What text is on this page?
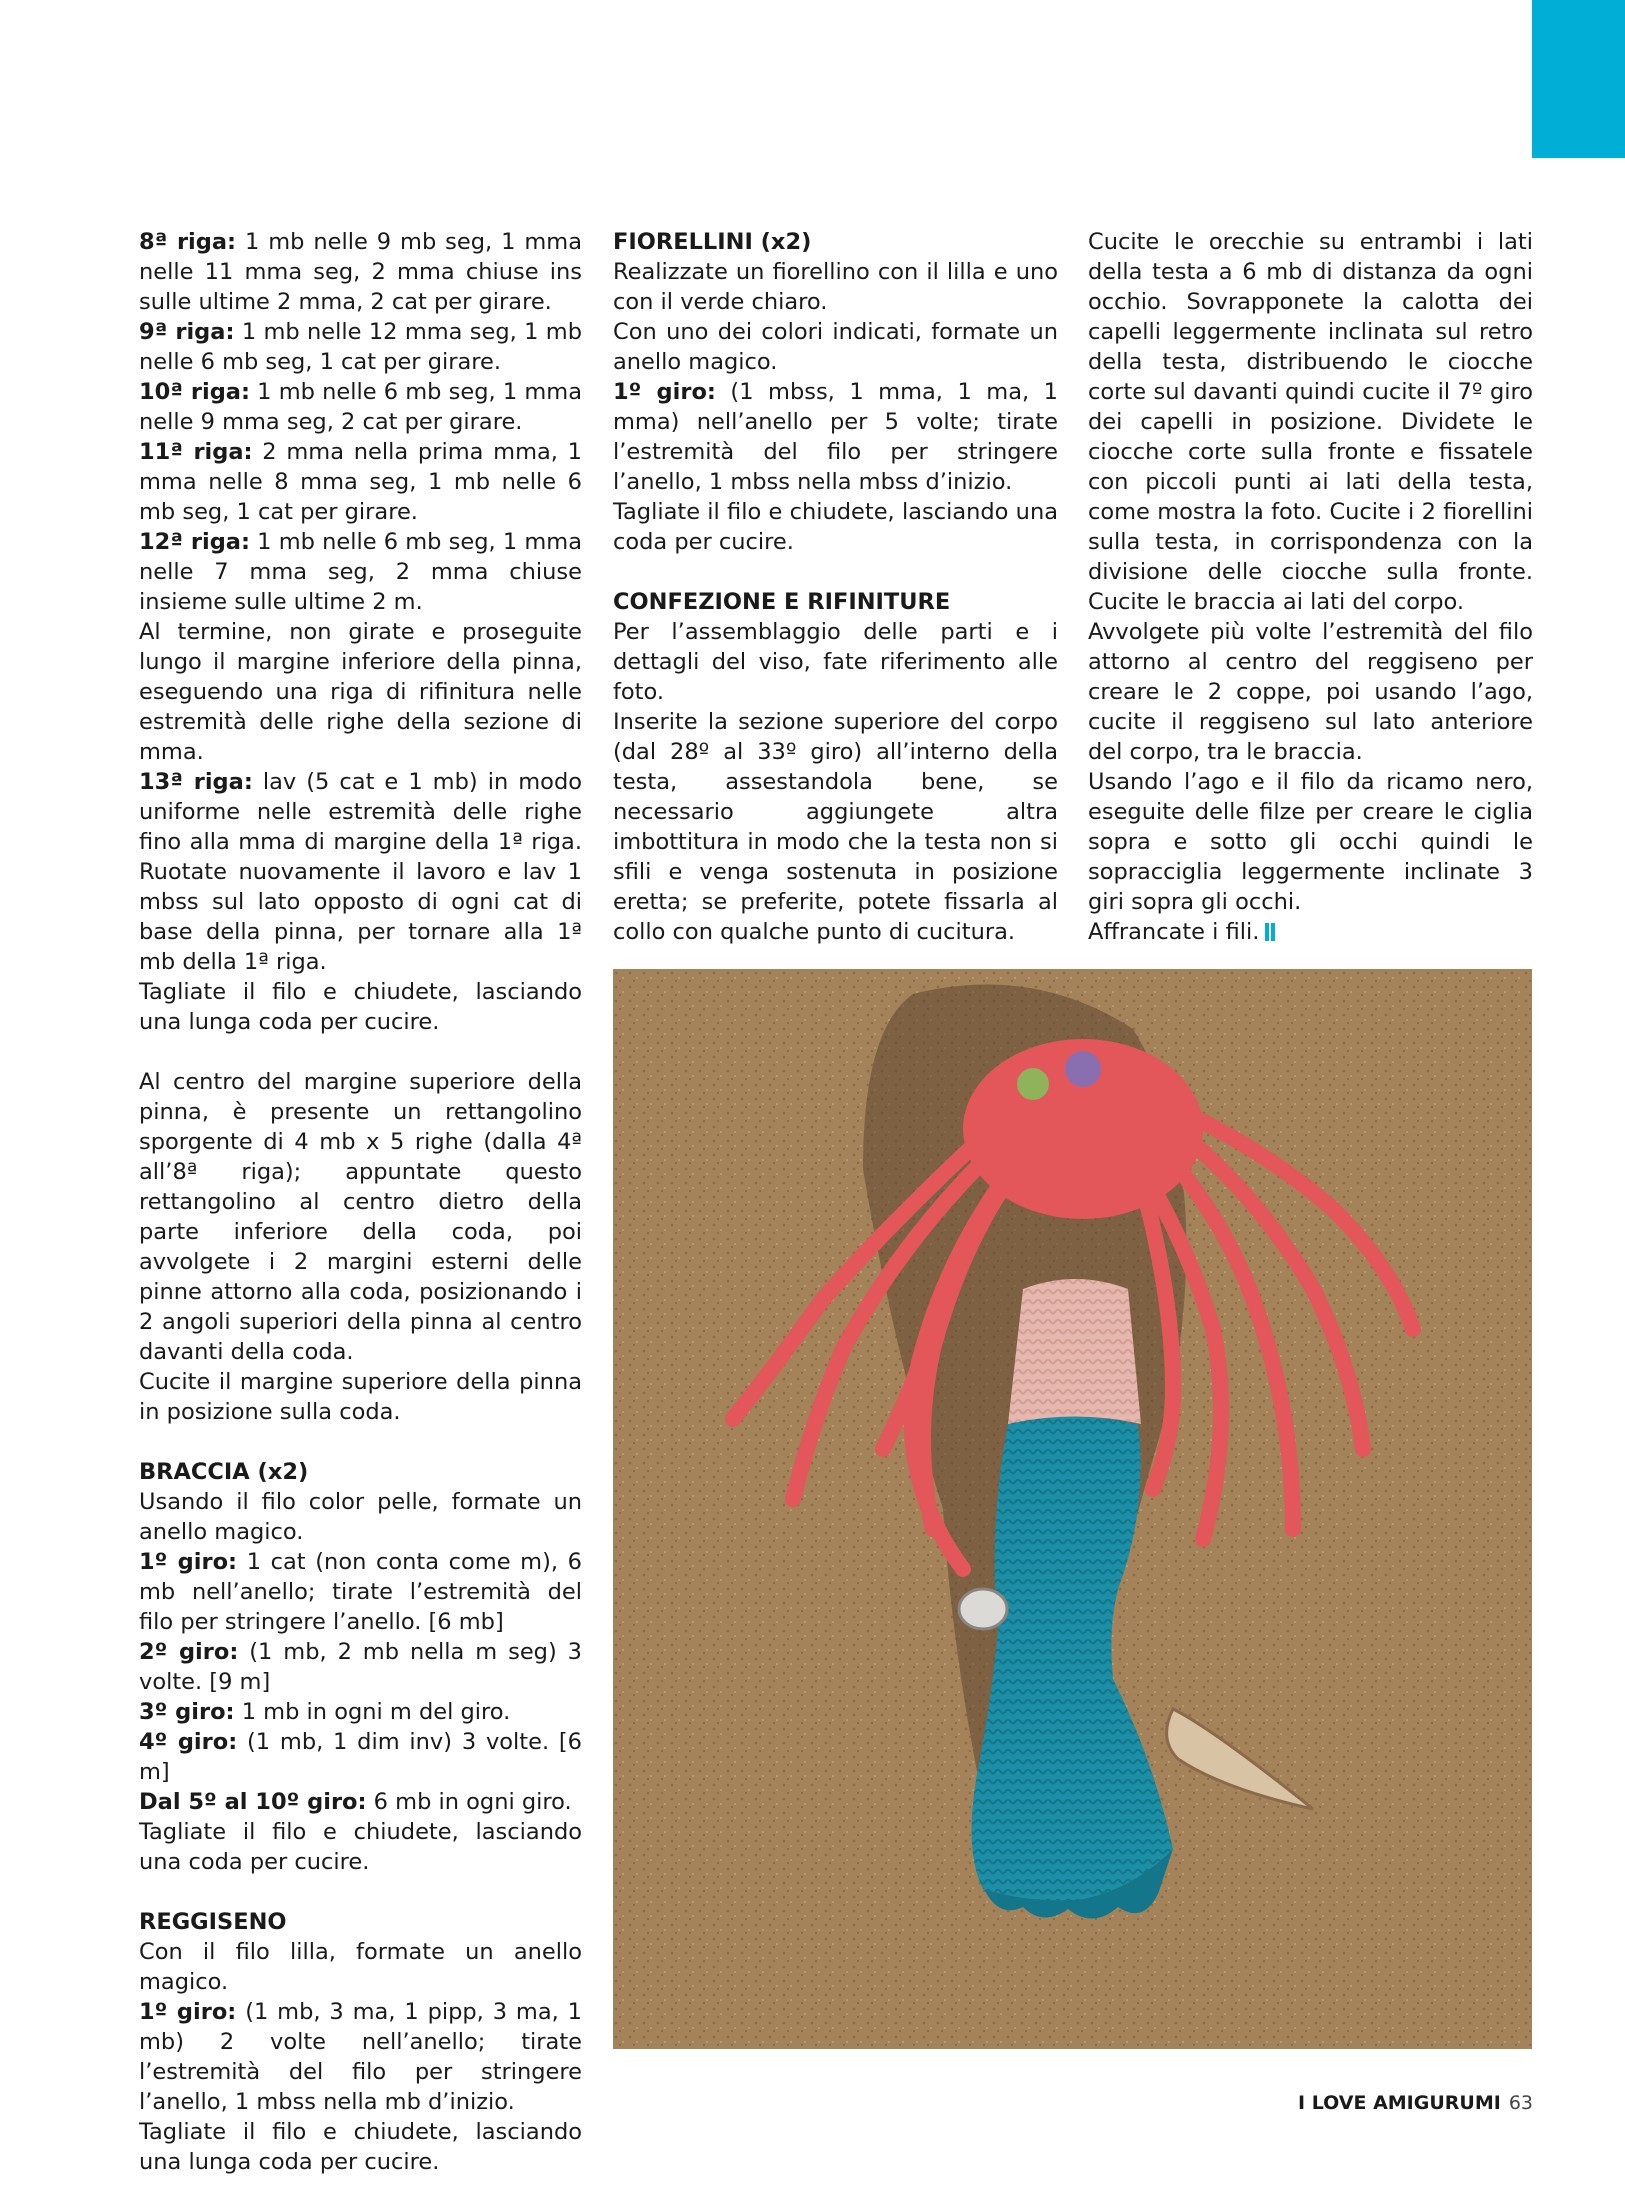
8ª riga: 1 mb nelle 9 mb seg, 1 mma nelle 11 mma seg, 2 mma chiuse ins sulle ultime 2 mma, 2 cat per girare.

9ª riga: 1 mb nelle 12 mma seg, 1 mb nelle 6 mb seg, 1 cat per girare.

10ª riga: 1 mb nelle 6 mb seg, 1 mma nelle 9 mma seg, 2 cat per girare.

11ª riga: 2 mma nella prima mma, 1 mma nelle 8 mma seg, 1 mb nelle 6 mb seg, 1 cat per girare.

12ª riga: 1 mb nelle 6 mb seg, 1 mma nelle 7 mma seg, 2 mma chiuse insieme sulle ultime 2 m.

Al termine, non girate e proseguite lungo il margine inferiore della pinna, eseguendo una riga di rifinitura nelle estremità delle righe della sezione di mma.

13ª riga: lav (5 cat e 1 mb) in modo uniforme nelle estremità delle righe fino alla mma di margine della 1ª riga. Ruotate nuovamente il lavoro e lav 1 mbss sul lato opposto di ogni cat di base della pinna, per tornare alla 1ª mb della 1ª riga.

Tagliate il filo e chiudete, lasciando una lunga coda per cucire.

Al centro del margine superiore della pinna, è presente un rettangolino sporgente di 4 mb x 5 righe (dalla 4ª all’8ª riga); appuntate questo rettangolino al centro dietro della parte inferiore della coda, poi avvolgete i 2 margini esterni delle pinne attorno alla coda, posizionando i 2 angoli superiori della pinna al centro davanti della coda.

Cucite il margine superiore della pinna in posizione sulla coda.

BRACCIA (x2)

Usando il filo color pelle, formate un anello magico.

1º giro: 1 cat (non conta come m), 6 mb nell’anello; tirate l’estremità del filo per stringere l’anello. [6 mb]

2º giro: (1 mb, 2 mb nella m seg) 3 volte. [9 m]

3º giro: 1 mb in ogni m del giro.

4º giro: (1 mb, 1 dim inv) 3 volte. [6 m]

Dal 5º al 10º giro: 6 mb in ogni giro.

Tagliate il filo e chiudete, lasciando una coda per cucire.

REGGISENO

Con il filo lilla, formate un anello magico.

1º giro: (1 mb, 3 ma, 1 pipp, 3 ma, 1 mb) 2 volte nell’anello; tirate l’estremità del filo per stringere l’anello, 1 mbss nella mb d’inizio.

Tagliate il filo e chiudete, lasciando una lunga coda per cucire.

FIORELLINI (x2)

Realizzate un fiorellino con il lilla e uno con il verde chiaro.

Con uno dei colori indicati, formate un anello magico.

1º giro: (1 mbss, 1 mma, 1 ma, 1 mma) nell’anello per 5 volte; tirate l’estremità del filo per stringere l’anello, 1 mbss nella mbss d’inizio.

Tagliate il filo e chiudete, lasciando una coda per cucire.

CONFEZIONE E RIFINITURE

Per l’assemblaggio delle parti e i dettagli del viso, fate riferimento alle foto.

Inserite la sezione superiore del corpo (dal 28º al 33º giro) all’interno della testa, assestandola bene, se necessario aggiungete altra imbottitura in modo che la testa non si sfili e venga sostenuta in posizione eretta; se preferite, potete fissarla al collo con qualche punto di cucitura.

Cucite le orecchie su entrambi i lati della testa a 6 mb di distanza da ogni occhio. Sovrapponete la calotta dei capelli leggermente inclinata sul retro della testa, distribuendo le ciocche corte sul davanti quindi cucite il 7º giro dei capelli in posizione. Dividete le ciocche corte sulla fronte e fissatele con piccoli punti ai lati della testa, come mostra la foto. Cucite i 2 fiorellini sulla testa, in corrispondenza con la divisione delle ciocche sulla fronte. Cucite le braccia ai lati del corpo.

Avvolgete più volte l’estremità del filo attorno al centro del reggiseno per creare le 2 coppe, poi usando l’ago, cucite il reggiseno sul lato anteriore del corpo, tra le braccia.

Usando l’ago e il filo da ricamo nero, eseguite delle filze per creare le ciglia sopra e sotto gli occhi quindi le sopracciglia leggermente inclinate 3 giri sopra gli occhi.

Affrancate i fili.

I LOVE AMIGURUMI 63
